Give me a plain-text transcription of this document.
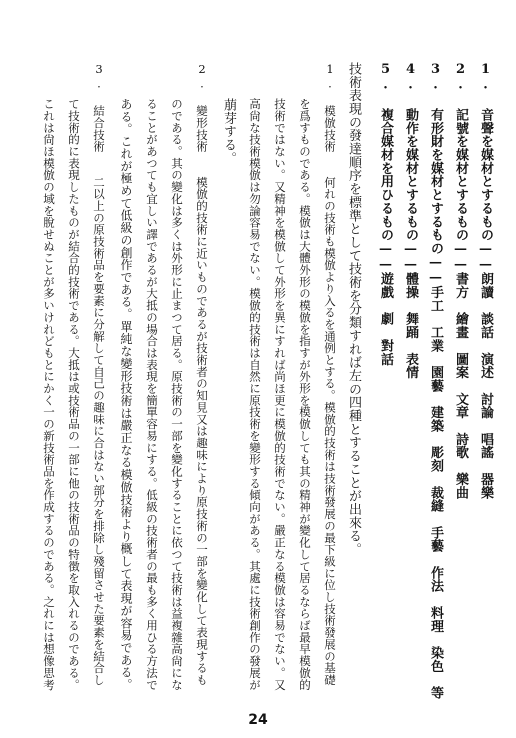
1. 音聲を媒材とするもの——朗讀　談話　演述　討論　唱謠　器樂
2. 記號を媒材とするもの——書方　繪畫　圖案　文章　詩歌　樂曲
3. 有形財を媒材とするもの——手工　工業　園藝　建築　彫刻　裁縫　手藝　作法　料理　染色　等
4. 動作を媒材とするもの——體操　舞踊　表情
5. 複合媒材を用ひるもの——遊戲　劇　對話
技術表現の發達順序を標準として技術を分類すれば左の四種とすることが出來る。
1. 模倣技術　　何れの技術も模倣より入るを通例とする。模倣的技術は技術發展の最下級に位し技術發展の基礎
を爲すものである。模倣は大體外形の模倣を指すが外形を模倣しても其の精神が變化して居るならば最早模倣的
技術ではない。又精神を模倣して外形を異にすれば尚ほ更に模倣的技術でない。嚴正なる模倣は容易でない。又
高尙な技術模倣は勿論容易でない。模倣的技術は自然に原技術を變形する傾向がある。其處に技術創作の發展が
萠芽する。
2. 變形技術　　模倣的技術に近いものであるが技術者の知見又は趣味により原技術の一部を變化して表現するも
のである。其の變化は多くは外形に止まつて居る。原技術の一部を變化することに依つて技術は益複雜高尙にな
ることがあつても宜しい譯であるが大抵の場合は表現を簡單容易にする。低級の技術者の最も多く用ひる方法で
ある。これが極めて低級の創作である。單純な變形技術は嚴正なる模倣技術より概して表現が容易である。
3. 結合技術　　二以上の原技術品を要素に分解して自己の趣味に合はない部分を排除し殘留させた要素を結合し
て技術的に表現したものが結合的技術である。大抵は或技術品の一部に他の技術品の特徴を取入れるのである。
これは尙ほ模倣の域を脫せぬことが多いけれどもとにかく一の新技術品を作成するのである。之れには想像思考
24
